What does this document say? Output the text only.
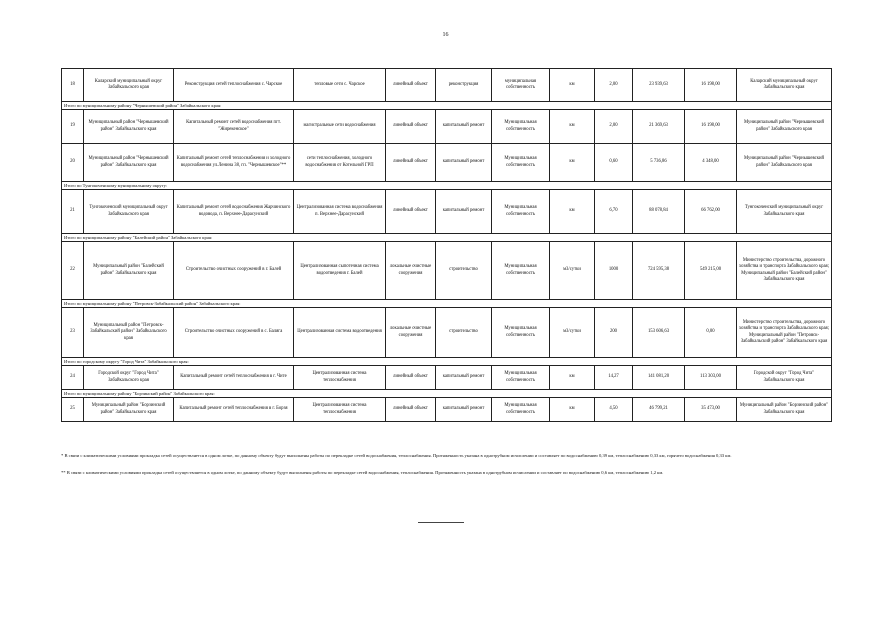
16
18	Каларский муниципальный округ Забайкальского края	Реконструкция сетей теплоснабжения с. Чарское	тепловые сети с. Чарское	линейный объект	реконструкция	муниципальная собственность	км	2,00	23 939,63	16 198,00	Каларский муниципальный округ Забайкальского края
Итого по муниципальному району "Чернышевский район" Забайкальского края:											
19	Муниципальный район "Чернышевский район" Забайкальского края	Капитальный ремонт сетей водоснабжения пгт. "Жирекенское"	магистральные сети водоснабжения	линейный объект	капитальный ремонт	Муниципальная собственность	км	2,00	21 369,63	16 198,00	Муниципальный район "Чернышевский район" Забайкальского края
20	Муниципальный район "Чернышевский район" Забайкальского края	Капитальный ремонт сетей теплоснабжения и холодного водоснабжения ул.Ленина 38, гп. "Чернышевское"**	сети теплоснабжения, холодного водоснабжения от Котельной ГРП	линейный объект	капитальный ремонт	Муниципальная собственность	км	0,60	5 736,86	4 348,00	Муниципальный район "Чернышевский район" Забайкальского края
Итого по Тунгокоченскому муниципальному округу:											
21	Тунгокоченский муниципальный округ Забайкальского края	Капитальный ремонт сетей водоснабжения Жарчинского водовода, п. Верхнее-Дарасунский	Централизованная система водоснабжения п. Верхнее-Дарасунский	линейный объект	капитальный ремонт	Муниципальная собственность	км	6,70	88 078,84	66 762,00	Тунгокоченский муниципальный округ Забайкальского края
Итого по муниципальному району "Балейский район" Забайкальского края:											
22	Муниципальный район "Балейский район" Забайкальского края	Строительство очистных сооружений в г. Балей	Централизованная сыпотечная система водоотведения г. Балей	локальные очистные сооружения	строительство	Муниципальная собственность	м3/сутки	1000	724 595,38	549 215,00	Министерство строительства, дорожного хозяйства и транспорта Забайкальского края; Муниципальный район "Балейский район" Забайкальского края
Итого по муниципальному району "Петровск-Забайкальский район" Забайкальского края:											
23	Муниципальный район "Петровск-Забайкальский район" Забайкальского края	Строительство очистных сооружений в с. Баляга	Централизованная система водоотведения	локальные очистные сооружения	строительство	Муниципальная собственность	м3/сутки	200	153 606,63	0,00	Министерство строительства, дорожного хозяйства и транспорта Забайкальского края; Муниципальный район "Петровск-Забайкальский район" Забайкальского края
Итого по городскому округу "Город Чита" Забайкальского края:											
24	Городской округ "Город Чита" Забайкальского края	Капитальный ремонт сетей теплоснабжения в г. Чите	Централизованная система теплоснабжения	линейный объект	капитальный ремонт	Муниципальная собственность	км	14,27	141 081,20	113 303,00	Городской округ "Город Чита" Забайкальского края
Итого по муниципальному району "Борзинский район" Забайкальского края:											
25	Муниципальный район "Борзинский район" Забайкальского края	Капитальный ремонт сетей теплоснабжения в г. Борзя	Централизованная система теплоснабжения	линейный объект	капитальный ремонт	Муниципальная собственность	км	4,50	46 799,21	35 473,00	Муниципальный район "Борзинский район" Забайкальского края

* В связи с климатическими условиями прокладка сетей осуществляется в одном лотке, по данному объекту будут выполнены работы по перекладке сетей водоснабжения, теплоснабжения. Протяженность указана в однотрубном исчислении и составляет по водоснабжению 0,39 км, теплоснабжению 0,33 км, горячего водоснабжения 0,33 км.

** В связи с климатическими условиями прокладка сетей осуществляется в одном лотке, по данному объекту будут выполнены работы по перекладке сетей водоснабжения, теплоснабжения. Протяженность указана в однотрубном исчислении и составляет по водоснабжению 0,6 км, теплоснабжению 1,2 км.
